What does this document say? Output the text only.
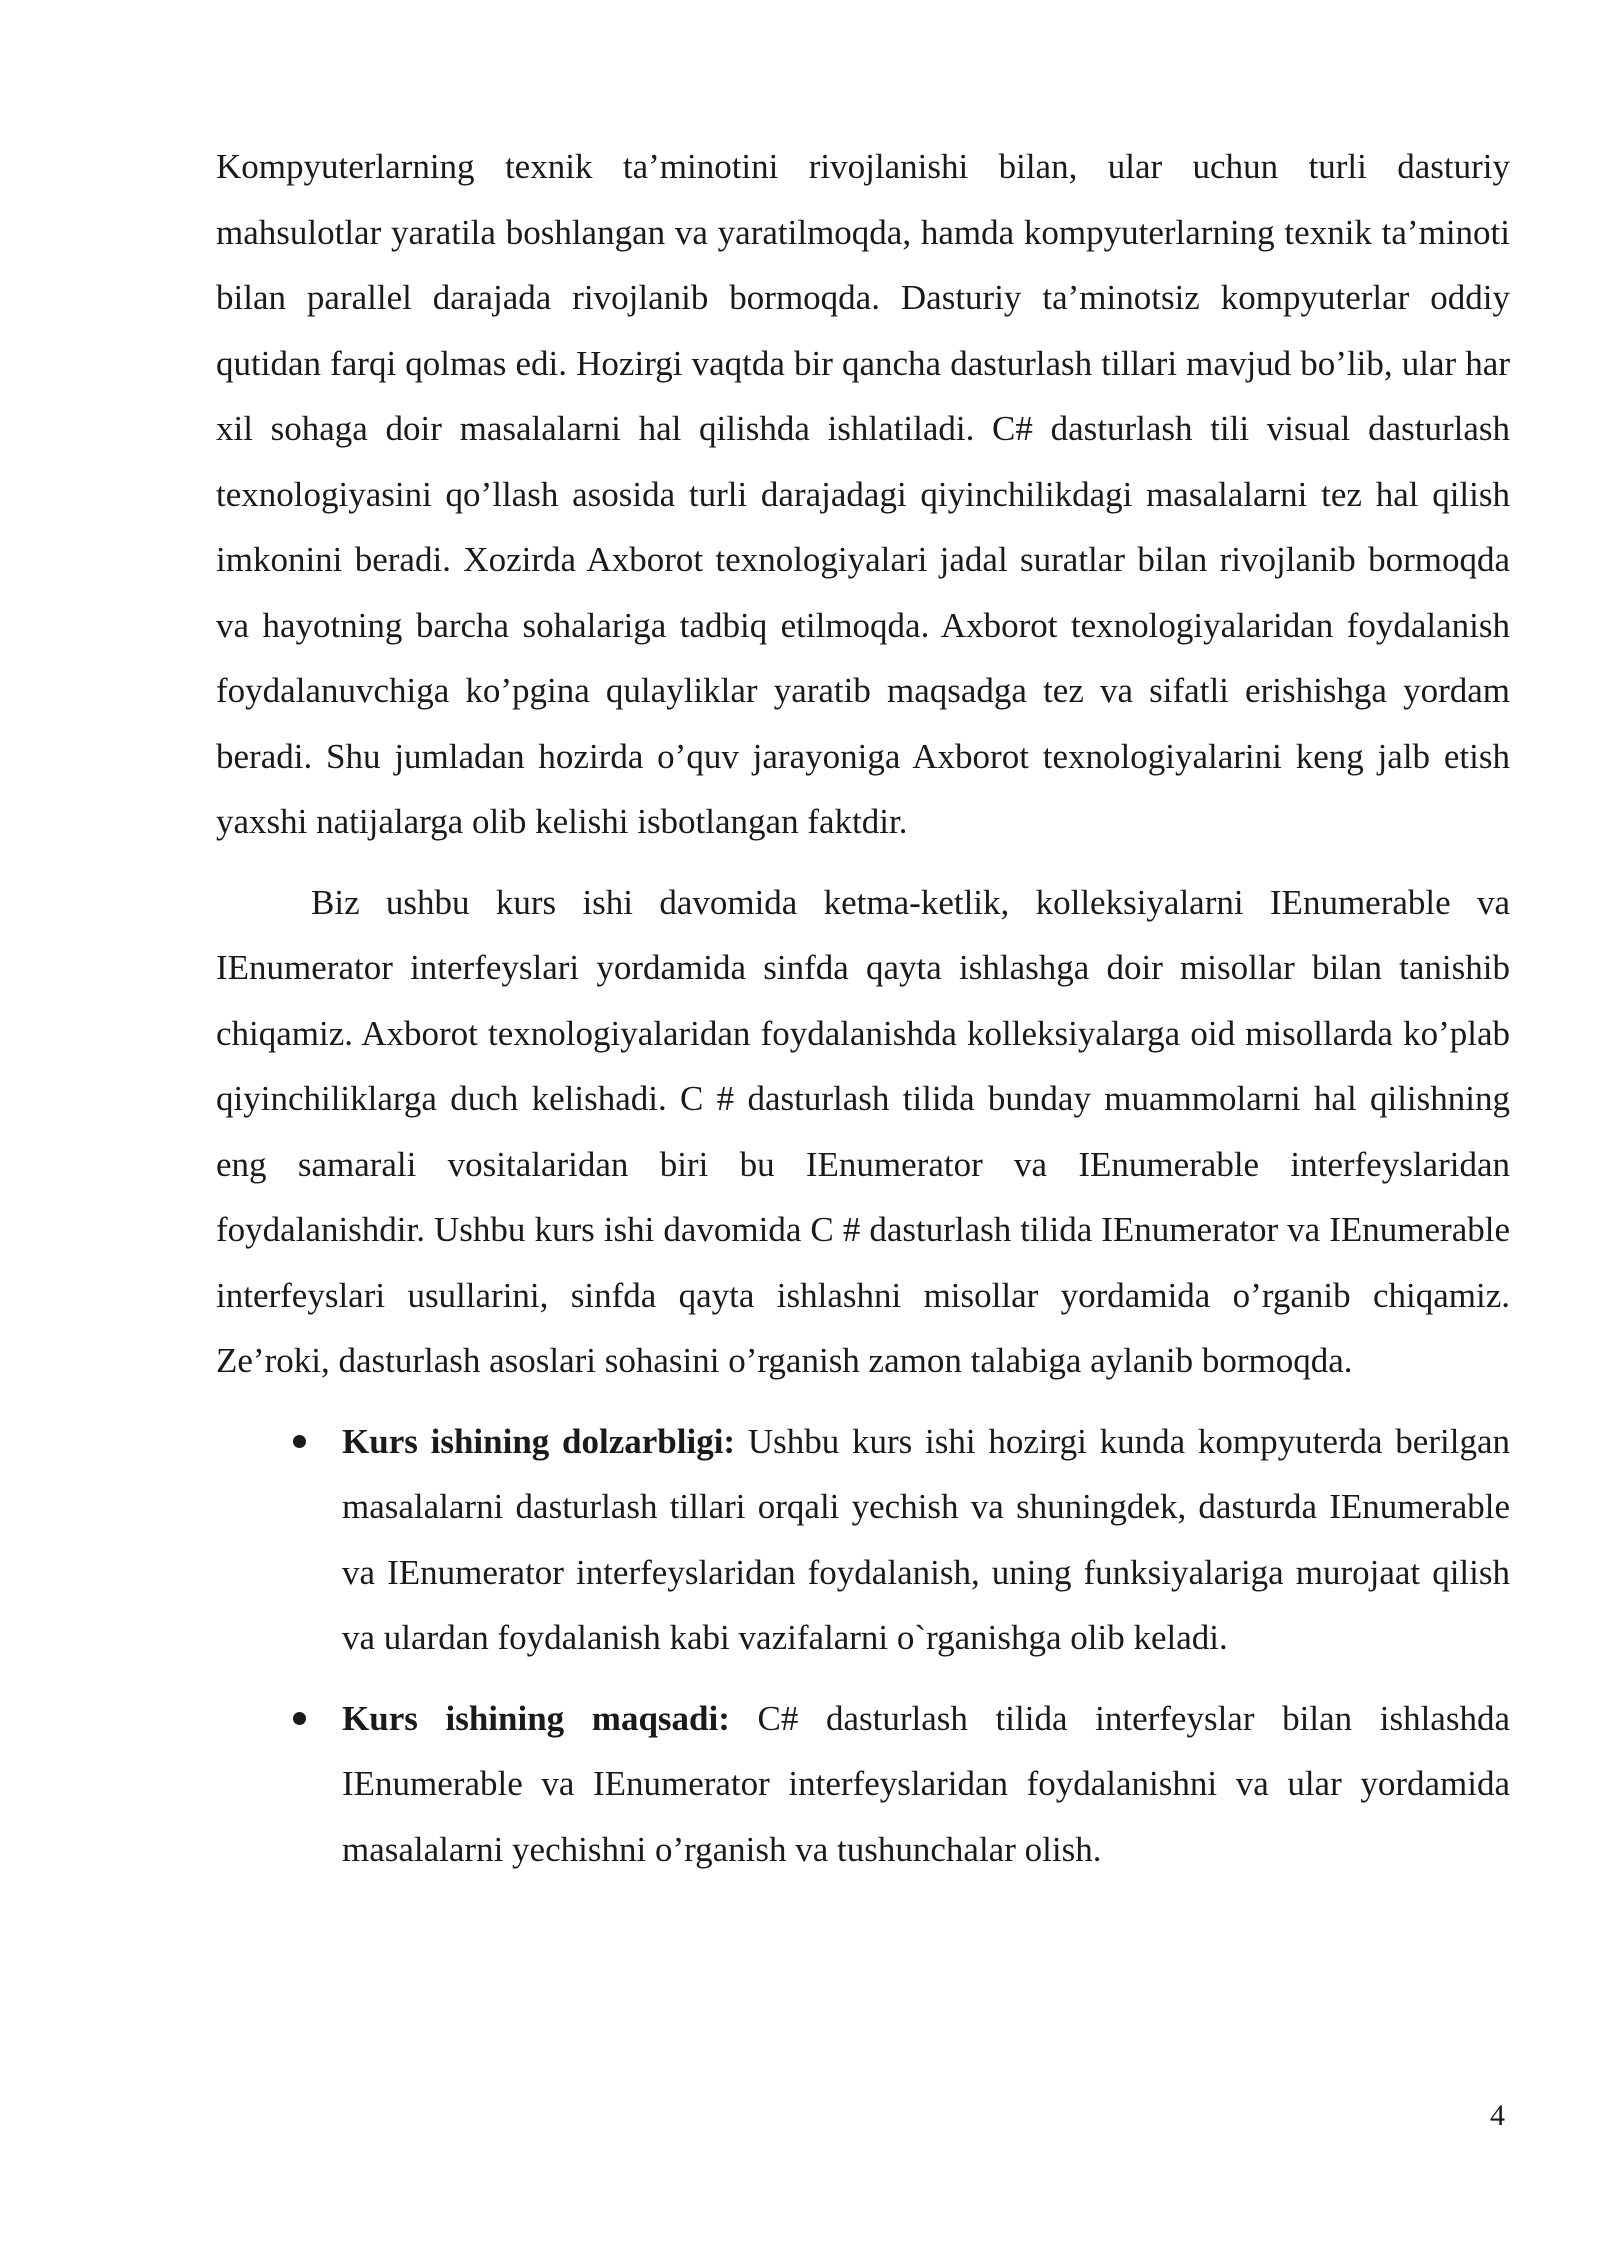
Kompyuterlarning texnik ta’minotini rivojlanishi bilan, ular uchun turli dasturiy mahsulotlar yaratila boshlangan va yaratilmoqda, hamda kompyuterlarning texnik ta’minoti bilan parallel darajada rivojlanib bormoqda. Dasturiy ta’minotsiz kompyuterlar oddiy qutidan farqi qolmas edi. Hozirgi vaqtda bir qancha dasturlash tillari mavjud bo’lib, ular har xil sohaga doir masalalarni hal qilishda ishlatiladi. C# dasturlash tili visual dasturlash texnologiyasini qo’llash asosida turli darajadagi qiyinchilikdagi masalalarni tez hal qilish imkonini beradi. Xozirda Axborot texnologiyalari jadal suratlar bilan rivojlanib bormoqda va hayotning barcha sohalariga tadbiq etilmoqda. Axborot texnologiyalaridan foydalanish foydalanuvchiga ko’pgina qulayliklar yaratib maqsadga tez va sifatli erishishga yordam beradi. Shu jumladan hozirda o’quv jarayoniga Axborot texnologiyalarini keng jalb etish yaxshi natijalarga olib kelishi isbotlangan faktdir.

Biz ushbu kurs ishi davomida ketma-ketlik, kolleksiyalarni IEnumerable va IEnumerator interfeyslari yordamida sinfda qayta ishlashga doir misollar bilan tanishib chiqamiz. Axborot texnologiyalaridan foydalanishda kolleksiyalarga oid misollarda ko’plab qiyinchiliklarga duch kelishadi. C # dasturlash tilida bunday muammolarni hal qilishning eng samarali vositalaridan biri bu IEnumerator va IEnumerable interfeyslaridan foydalanishdir. Ushbu kurs ishi davomida C # dasturlash tilida IEnumerator va IEnumerable interfeyslari usullarini, sinfda qayta ishlashni misollar yordamida o’rganib chiqamiz. Ze’roki, dasturlash asoslari sohasini o’rganish zamon talabiga aylanib bormoqda.

Kurs ishining dolzarbligi: Ushbu kurs ishi hozirgi kunda kompyuterda berilgan masalalarni dasturlash tillari orqali yechish va shuningdek, dasturda IEnumerable va IEnumerator interfeyslaridan foydalanish, uning funksiyalariga murojaat qilish va ulardan foydalanish kabi vazifalarni o`rganishga olib keladi.
Kurs ishining maqsadi: C# dasturlash tilida interfeyslar bilan ishlashda IEnumerable va IEnumerator interfeyslaridan foydalanishni va ular yordamida masalalarni yechishni o’rganish va tushunchalar olish.
4
